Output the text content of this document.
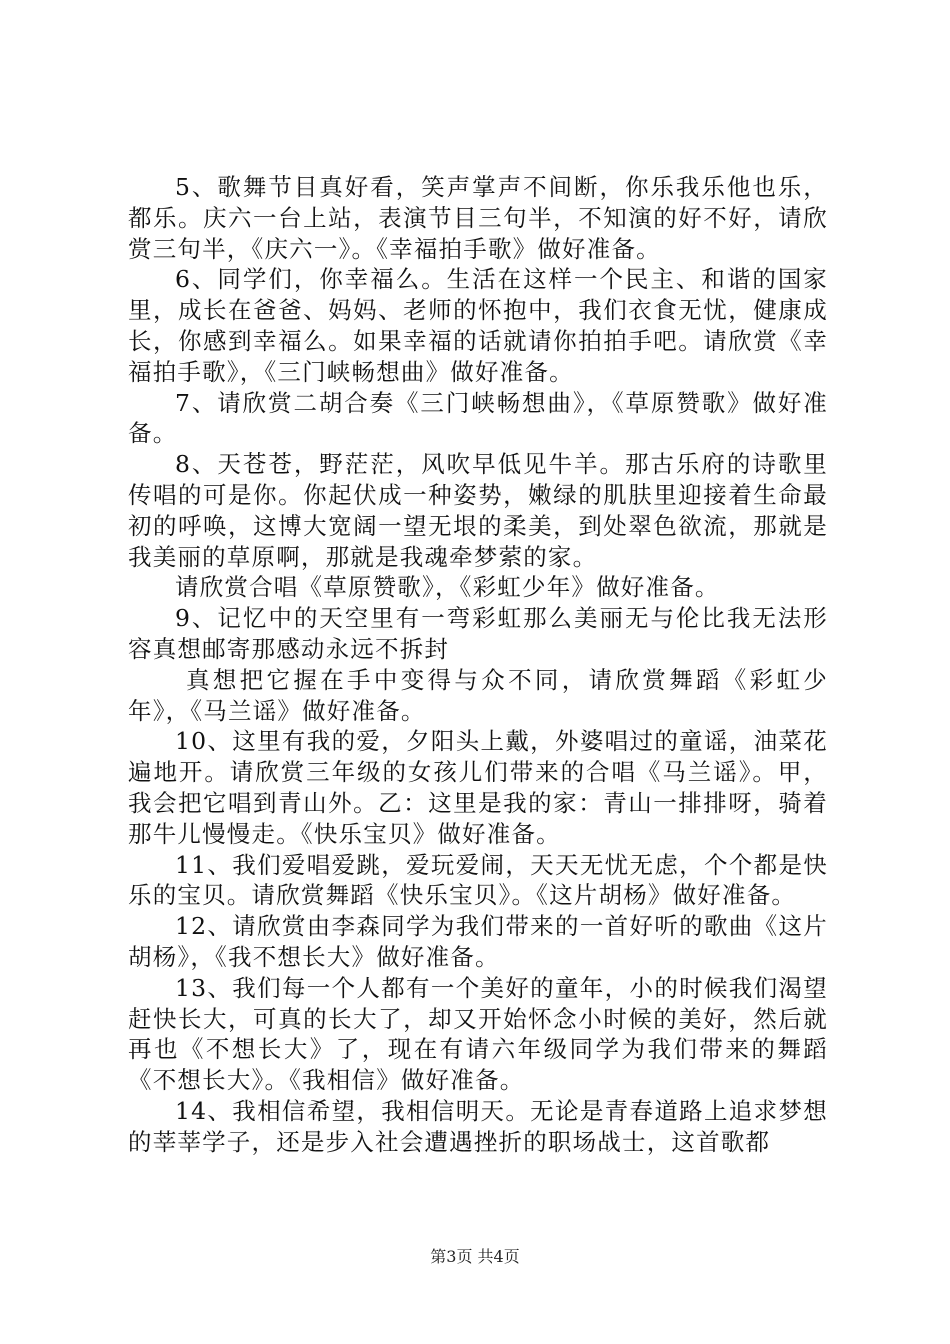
5、歌舞节目真好看，笑声掌声不间断，你乐我乐他也乐，都乐。庆六一台上站，表演节目三句半，不知演的好不好，请欣赏三句半，《庆六一》。《幸福拍手歌》做好准备。

6、同学们，你幸福么。生活在这样一个民主、和谐的国家里，成长在爸爸、妈妈、老师的怀抱中，我们衣食无忧，健康成长，你感到幸福么。如果幸福的话就请你拍拍手吧。请欣赏《幸福拍手歌》，《三门峡畅想曲》做好准备。

7、请欣赏二胡合奏《三门峡畅想曲》，《草原赞歌》做好准备。

8、天苍苍，野茫茫，风吹早低见牛羊。那古乐府的诗歌里传唱的可是你。你起伏成一种姿势，嫩绿的肌肤里迎接着生命最初的呼唤，这博大宽阔一望无垠的柔美，到处翠色欲流，那就是我美丽的草原啊，那就是我魂牵梦萦的家。

请欣赏合唱《草原赞歌》，《彩虹少年》做好准备。

9、记忆中的天空里有一弯彩虹那么美丽无与伦比我无法形容真想邮寄那感动永远不拆封

真想把它握在手中变得与众不同，请欣赏舞蹈《彩虹少年》，《马兰谣》做好准备。

10、这里有我的爱，夕阳头上戴，外婆唱过的童谣，油菜花遍地开。请欣赏三年级的女孩儿们带来的合唱《马兰谣》。甲，我会把它唱到青山外。乙：这里是我的家：青山一排排呀，骑着那牛儿慢慢走。《快乐宝贝》做好准备。

11、我们爱唱爱跳，爱玩爱闹，天天无忧无虑，个个都是快乐的宝贝。请欣赏舞蹈《快乐宝贝》。《这片胡杨》做好准备。

12、请欣赏由李森同学为我们带来的一首好听的歌曲《这片胡杨》，《我不想长大》做好准备。

13、我们每一个人都有一个美好的童年，小的时候我们渴望赶快长大，可真的长大了，却又开始怀念小时候的美好，然后就再也《不想长大》了，现在有请六年级同学为我们带来的舞蹈《不想长大》。《我相信》做好准备。

14、我相信希望，我相信明天。无论是青春道路上追求梦想的莘莘学子，还是步入社会遭遇挫折的职场战士，这首歌都

第3页 共4页
